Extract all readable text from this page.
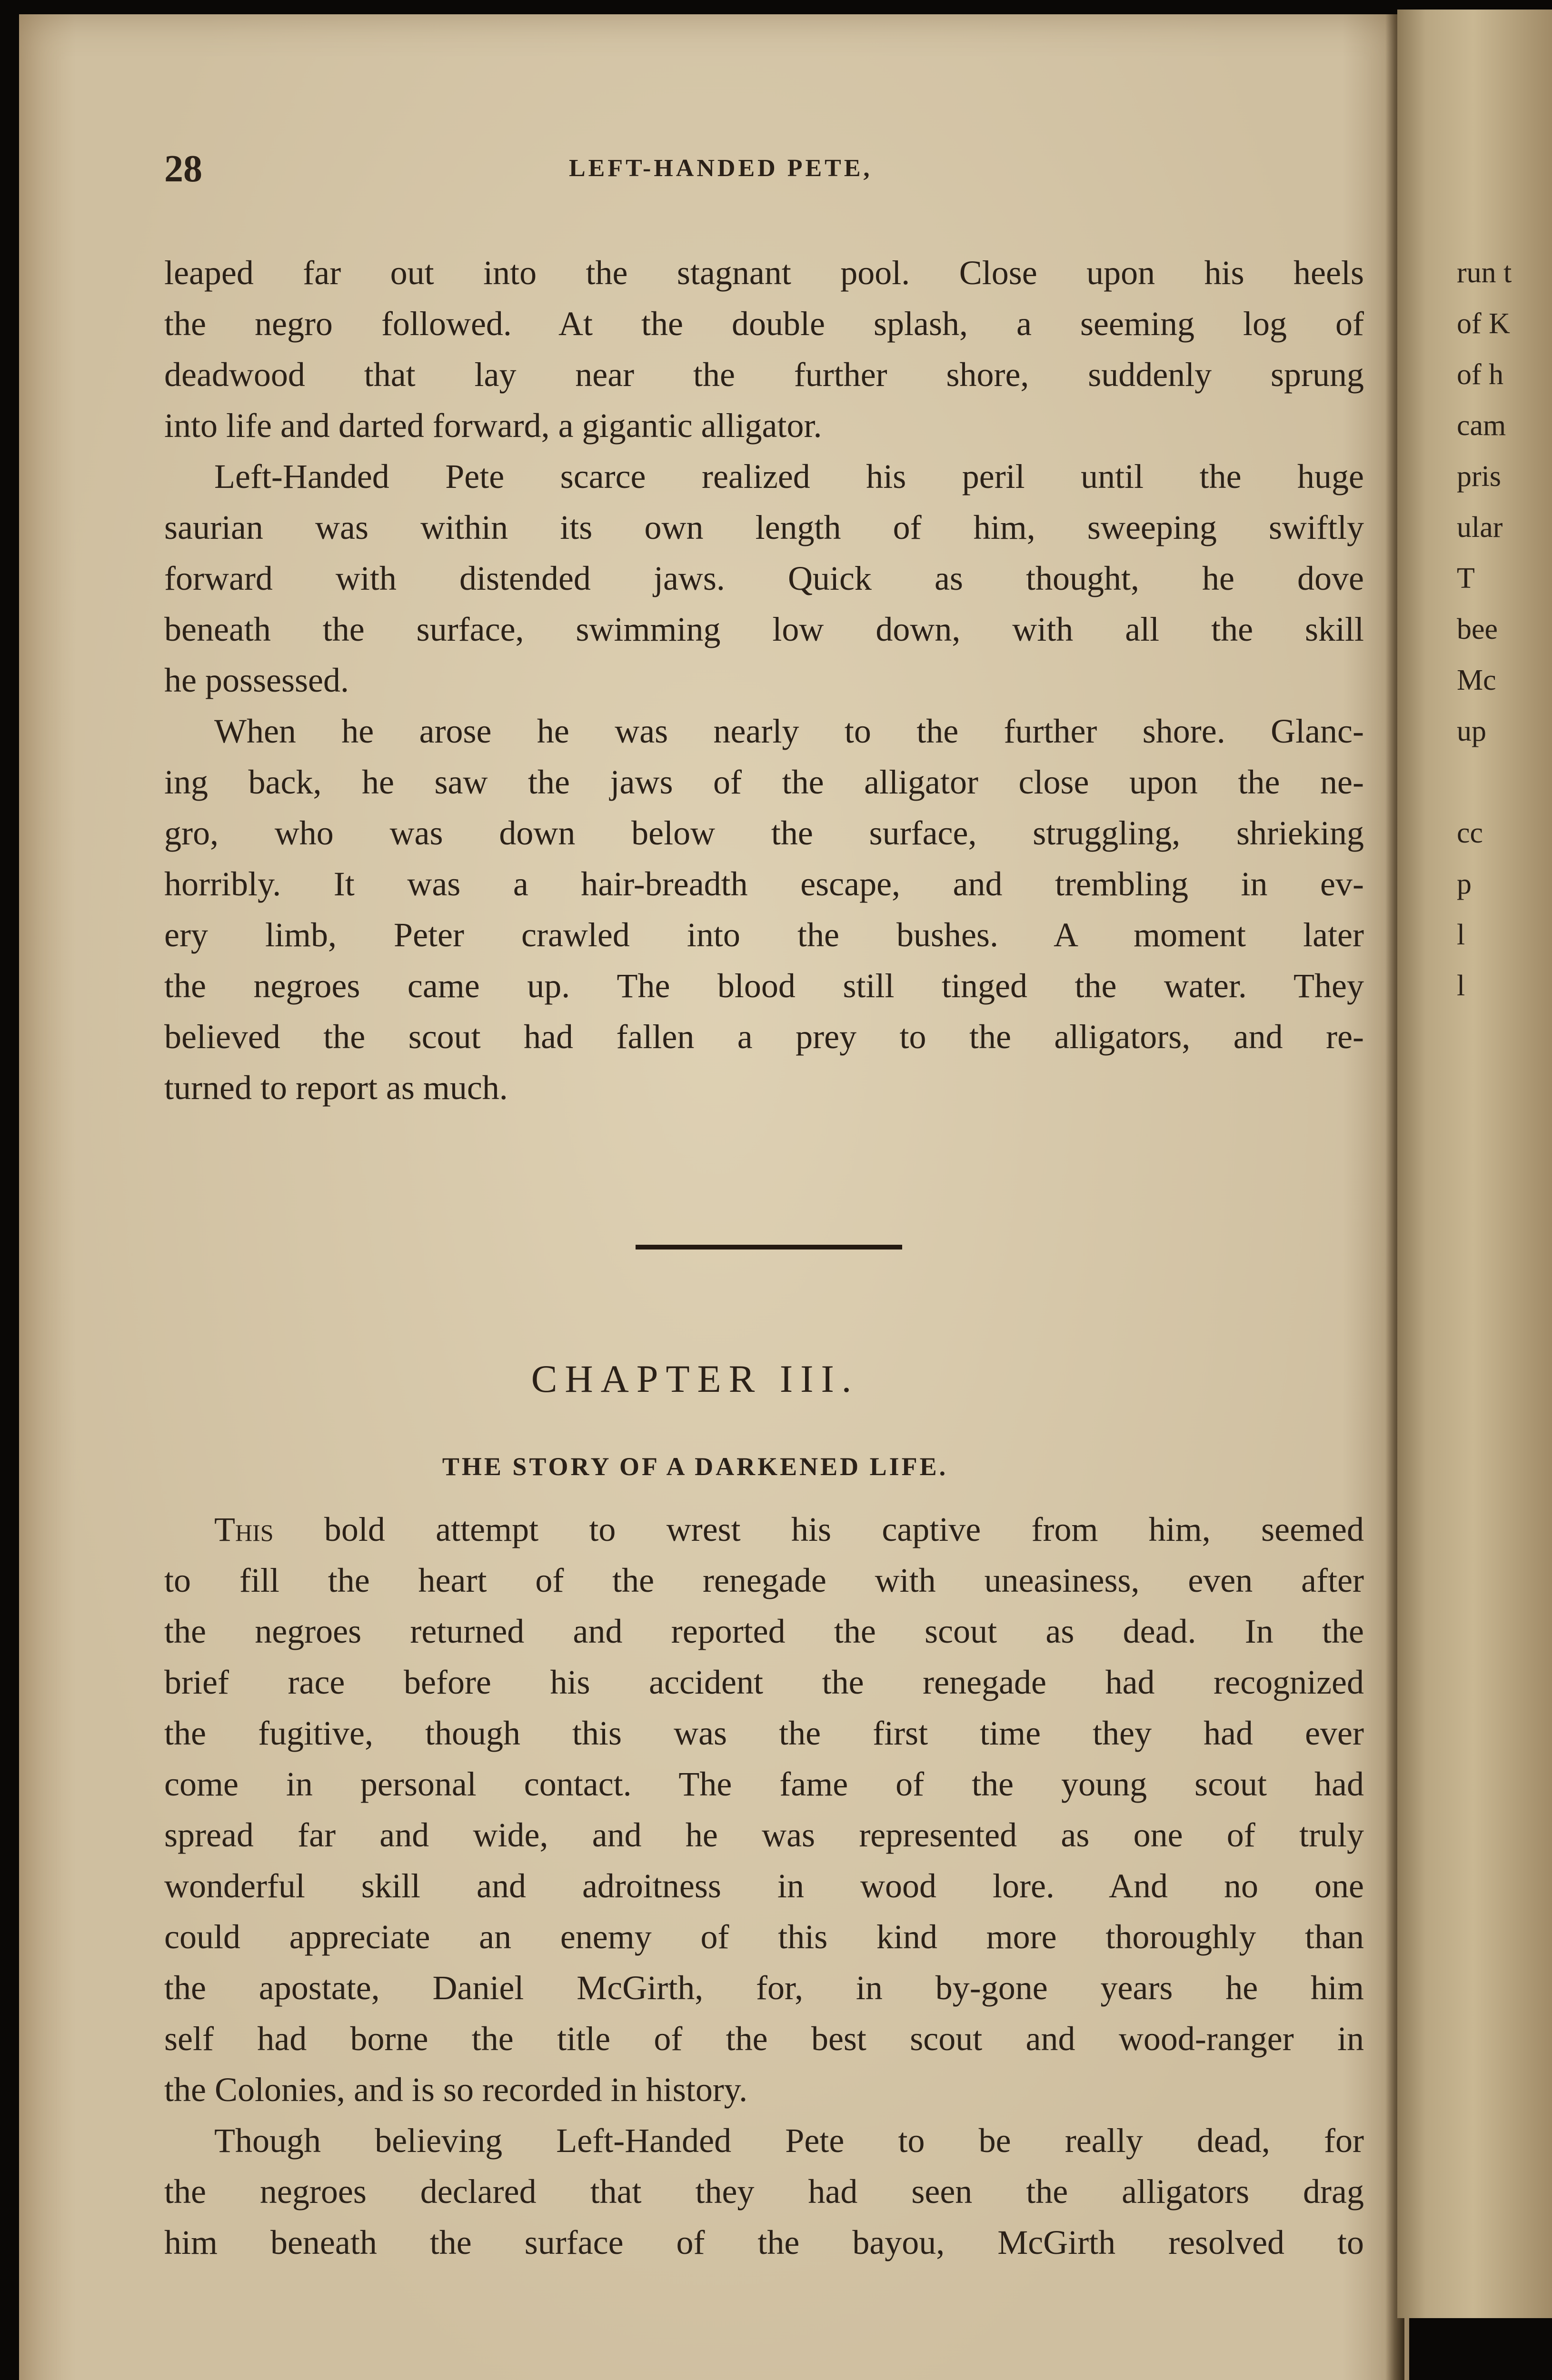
28	LEFT-HANDED PETE,
leaped far out into the stagnant pool. Close upon his heels
the negro followed. At the double splash, a seeming log of
deadwood that lay near the further shore, suddenly sprung
into life and darted forward, a gigantic alligator.
Left-Handed Pete scarce realized his peril until the huge
saurian was within its own length of him, sweeping swiftly
forward with distended jaws. Quick as thought, he dove
beneath the surface, swimming low down, with all the skill
he possessed.
When he arose he was nearly to the further shore. Glanc-
ing back, he saw the jaws of the alligator close upon the ne-
gro, who was down below the surface, struggling, shrieking
horribly. It was a hair-breadth escape, and trembling in ev-
ery limb, Peter crawled into the bushes. A moment later
the negroes came up. The blood still tinged the water. They
believed the scout had fallen a prey to the alligators, and re-
turned to report as much.
CHAPTER III.
THE STORY OF A DARKENED LIFE.
This bold attempt to wrest his captive from him, seemed
to fill the heart of the renegade with uneasiness, even after
the negroes returned and reported the scout as dead. In the
brief race before his accident the renegade had recognized
the fugitive, though this was the first time they had ever
come in personal contact. The fame of the young scout had
spread far and wide, and he was represented as one of truly
wonderful skill and adroitness in wood lore. And no one
could appreciate an enemy of this kind more thoroughly than
the apostate, Daniel McGirth, for, in by-gone years he him
self had borne the title of the best scout and wood-ranger in
the Colonies, and is so recorded in history.
Though believing Left-Handed Pete to be really dead, for
the negroes declared that they had seen the alligators drag
him beneath the surface of the bayou, McGirth resolved to
run t
of K
of h
cam
pris
ular
T
bee
Mc
up
cc
p
l
l
